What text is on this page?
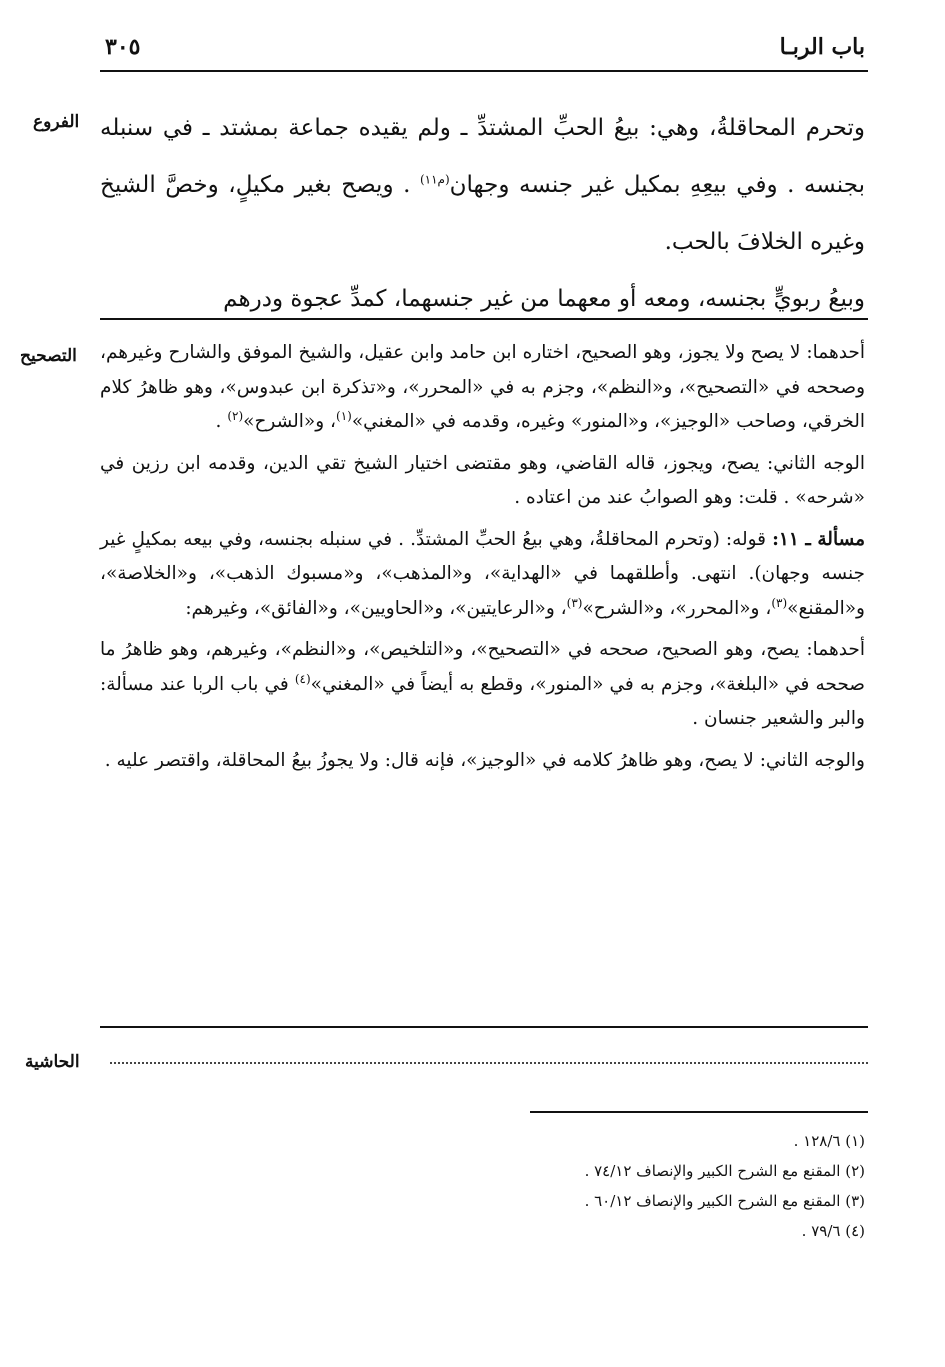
باب الربـا
٣٠٥
الفروع
التصحيح
الحاشية

وتحرم المحاقلةُ، وهي: بيعُ الحبِّ المشتدِّ ـ ولم يقيده جماعة بمشتد ـ في سنبله بجنسه . وفي بيعِهِ بمكيل غير جنسه وجهان$^{(م١١)}$ . ويصح بغير مكيلٍ، وخصَّ الشيخ وغيره الخلافَ بالحب.

وبيعُ ربويٍّ بجنسه، ومعه أو معهما من غير جنسهما، كمدِّ عجوة ودرهم

أحدهما: لا يصح ولا يجوز، وهو الصحيح، اختاره ابن حامد وابن عقيل، والشيخ الموفق والشارح وغيرهم، وصححه في «التصحيح»، و«النظم»، وجزم به في «المحرر»، و«تذكرة ابن عبدوس»، وهو ظاهرُ كلام الخرقي، وصاحب «الوجيز»، و«المنور» وغيره، وقدمه في «المغني»$^{(١)}$، و«الشرح»$^{(٢)}$ .

الوجه الثاني: يصح، ويجوز، قاله القاضي، وهو مقتضى اختيار الشيخ تقي الدين، وقدمه ابن رزين في «شرحه» . قلت: وهو الصوابُ عند من اعتاده .

مسألة ـ ١١: قوله: (وتحرم المحاقلةُ، وهي بيعُ الحبِّ المشتدِّ. . في سنبله بجنسه، وفي بيعه بمكيلٍ غير جنسه وجهان). انتهى. وأطلقهما في «الهداية»، و«المذهب»، و«مسبوك الذهب»، و«الخلاصة»، و«المقنع»$^{(٣)}$، و«المحرر»، و«الشرح»$^{(٣)}$، و«الرعايتين»، و«الحاويين»، و«الفائق»، وغيرهم:

أحدهما: يصح، وهو الصحيح، صححه في «التصحيح»، و«التلخيص»، و«النظم»، وغيرهم، وهو ظاهرُ ما صححه في «البلغة»، وجزم به في «المنور»، وقطع به أيضاً في «المغني»$^{(٤)}$ في باب الربا عند مسألة: والبر والشعير جنسان .

والوجه الثاني: لا يصح، وهو ظاهرُ كلامه في «الوجيز»، فإنه قال: ولا يجوزُ بيعُ المحاقلة، واقتصر عليه .

(١) ١٢٨/٦ .
(٢) المقنع مع الشرح الكبير والإنصاف ٧٤/١٢ .
(٣) المقنع مع الشرح الكبير والإنصاف ٦٠/١٢ .
(٤) ٧٩/٦ .
